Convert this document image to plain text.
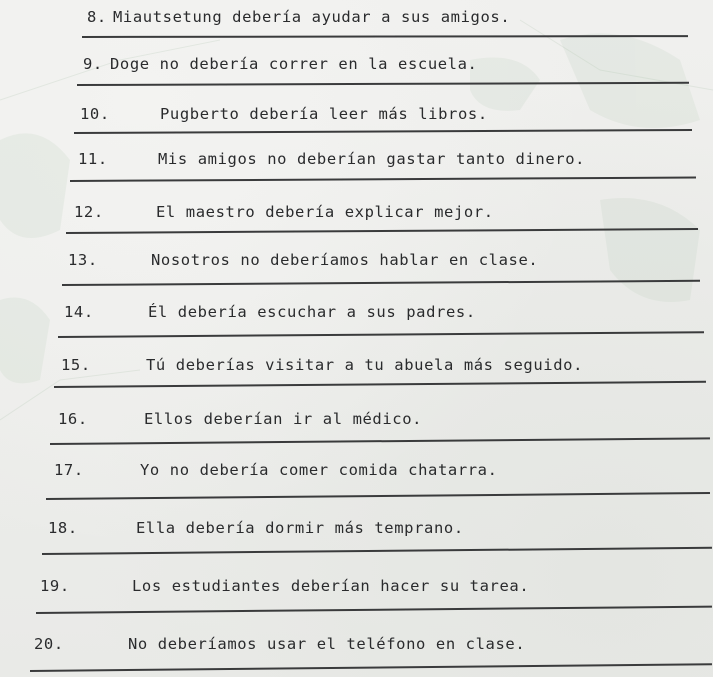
8. Miautsetung debería ayudar a sus amigos.
9. Doge no debería correr en la escuela.
10.	Pugberto debería leer más libros.
11.	Mis amigos no deberían gastar tanto dinero.
12.	El maestro debería explicar mejor.
13.	Nosotros no deberíamos hablar en clase.
14.	Él debería escuchar a sus padres.
15.	Tú deberías visitar a tu abuela más seguido.
16.	Ellos deberían ir al médico.
17.	Yo no debería comer comida chatarra.
18.	Ella debería dormir más temprano.
19.	Los estudiantes deberían hacer su tarea.
20.	No deberíamos usar el teléfono en clase.
